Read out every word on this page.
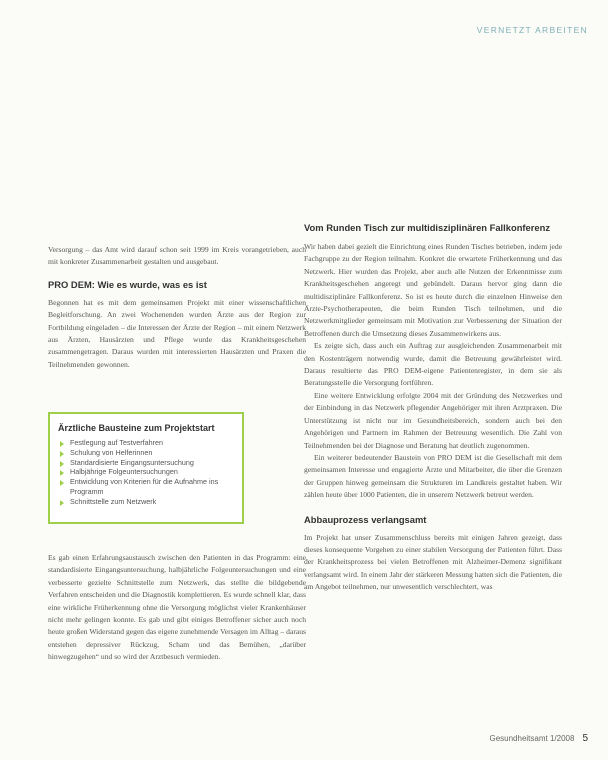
VERNETZT ARBEITEN

Versorgung – das Amt wird darauf schon seit 1999 im Kreis vorangetrieben, auch mit konkreter Zusammenarbeit gestalten und ausgebaut.

PRO DEM: Wie es wurde, was es ist

Begonnen hat es mit dem gemeinsamen Projekt mit einer wissenschaftlichen Begleitforschung. An zwei Wochenenden wurden Ärzte aus der Region zur Fortbildung eingeladen – die Interessen der Ärzte der Region – mit einem Netzwerk aus Ärzten, Hausärzten und Pflege wurde das Krankheitsgeschehen zusammengetragen. Daraus wurden mit interessierten Hausärzten und Praxen die Teilnehmenden gewonnen.

Ärztliche Bausteine zum Projektstart
Festlegung auf Testverfahren
Schulung von Helferinnen
Standardisierte Eingangsuntersuchung
Halbjährige Folgeuntersuchungen
Entwicklung von Kriterien für die Aufnahme ins Programm
Schnittstelle zum Netzwerk

Es gab einen Erfahrungsaustausch zwischen den Patienten in das Programm: eine standardisierte Eingangsuntersuchung, halbjährliche Folgeuntersuchungen und eine verbesserte gezielte Schnittstelle zum Netzwerk, das stellte die bildgebende Verfahren entscheiden und die Diagnostik komplettieren. Es wurde schnell klar, dass eine wirkliche Früherkennung ohne die Versorgung möglichst vieler Krankenhäuser nicht mehr gelingen konnte. Es gab und gibt einiges Betroffener sicher auch noch heute großen Widerstand gegen das eigene zunehmende Versagen im Alltag – daraus entstehen depressiver Rückzug, Scham und das Bemühen, „darüber hinwegzugehen“ und so wird der Arztbesuch vermieden.

Vom Runden Tisch zur multidisziplinären Fallkonferenz

Wir haben dabei gezielt die Einrichtung eines Runden Tisches betrieben, indem jede Fachgruppe zu der Region teilnahm. Konkret die erwartete Früherkennung und das Netzwerk. Hier wurden das Projekt, aber auch alle Nutzen der Erkenntnisse zum Krankheitsgeschehen angeregt und gebündelt. Daraus hervor ging dann die multidisziplinäre Fallkonferenz. So ist es heute durch die einzelnen Hinweise den Ärzte-Psychotherapeuten, die beim Runden Tisch teilnehmen, und die Netzwerkmitglieder gemeinsam mit Motivation zur Verbesserung der Situation der Betroffenen durch die Umsetzung dieses Zusammenwirkens aus.

Es zeigte sich, dass auch ein Auftrag zur ausgleichenden Zusammenarbeit mit den Kostenträgern notwendig wurde, damit die Betreuung gewährleistet wird. Daraus resultierte das PRO DEM-eigene Patientenregister, in dem sie als Beratungsstelle die Versorgung fortführen.

Eine weitere Entwicklung erfolgte 2004 mit der Gründung des Netzwerkes und der Einbindung in das Netzwerk pflegender Angehöriger mit ihren Arztpraxen. Die Unterstützung ist nicht nur im Gesundheitsbereich, sondern auch bei den Angehörigen und Partnern im Rahmen der Betreuung wesentlich. Die Zahl von Teilnehmenden bei der Diagnose und Beratung hat deutlich zugenommen.

Ein weiterer bedeutender Baustein von PRO DEM ist die Gesellschaft mit dem gemeinsamen Interesse und engagierte Ärzte und Mitarbeiter, die über die Grenzen der Gruppen hinweg gemeinsam die Strukturen im Landkreis gestaltet haben. Wir zählen heute über 1000 Patienten, die in unserem Netzwerk betreut werden.

Abbauprozess verlangsamt

Im Projekt hat unser Zusammenschluss bereits mit einigen Jahren gezeigt, dass dieses konsequente Vorgehen zu einer stabilen Versorgung der Patienten führt. Dass der Krankheitsprozess bei vielen Betroffenen mit Alzheimer-Demenz signifikant verlangsamt wird. In einem Jahr der stärkeren Messung hatten sich die Patienten, die am Angebot teilnehmen, nur unwesentlich verschlechtert, was

Gesundheitsamt 1/2008 5
